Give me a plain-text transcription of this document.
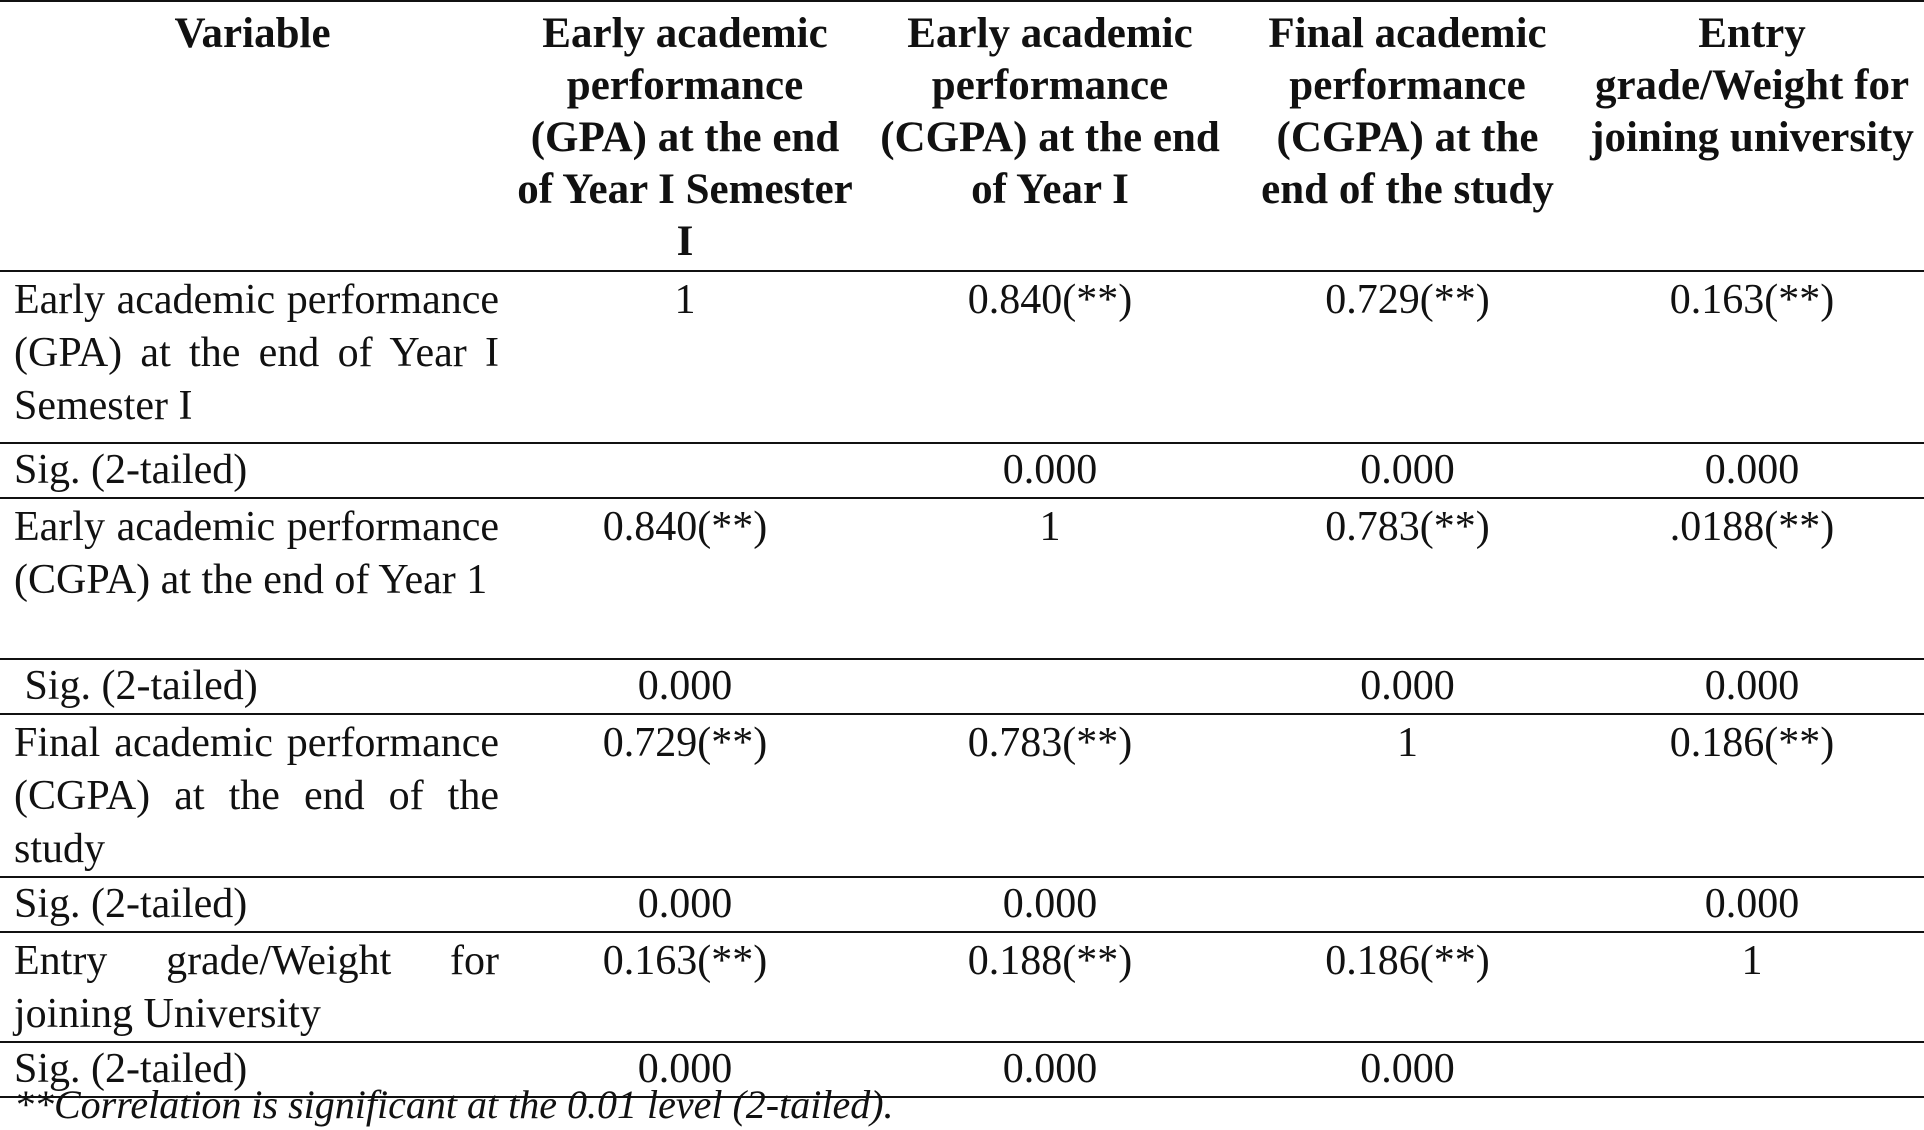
Variable	Early academic performance (GPA) at the end of Year I Semester I	Early academic performance (CGPA) at the end of Year I	Final academic performance (CGPA) at the end of the study	Entry grade/Weight for joining university
Early academic performance (GPA) at the end of Year I Semester I	1	0.840(**)	0.729(**)	0.163(**)
Sig. (2-tailed)		0.000	0.000	0.000
Early academic performance (CGPA) at the end of Year 1	0.840(**)	1	0.783(**)	.0188(**)
Sig. (2-tailed)	0.000		0.000	0.000
Final academic performance (CGPA) at the end of the study	0.729(**)	0.783(**)	1	0.186(**)
Sig. (2-tailed)	0.000	0.000		0.000
Entry grade/Weight for joining University	0.163(**)	0.188(**)	0.186(**)	1
Sig. (2-tailed)	0.000	0.000	0.000	
**Correlation is significant at the 0.01 level (2-tailed).
